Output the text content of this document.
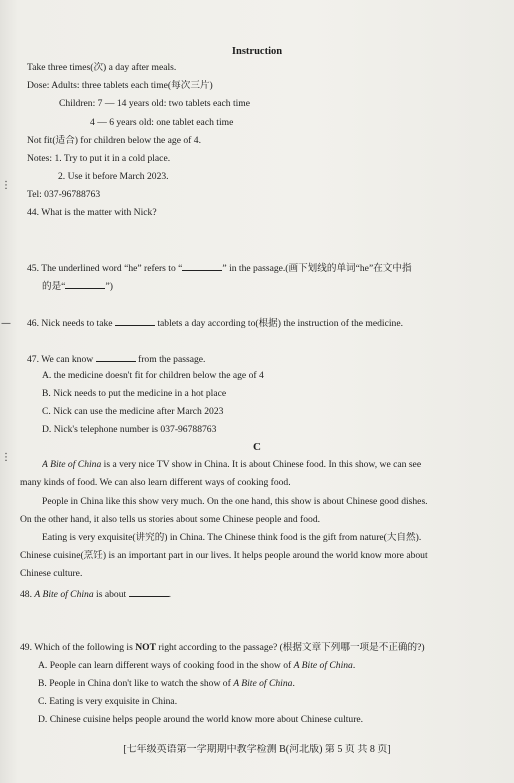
⋮
—
⋮
Instruction
Take three times(次) a day after meals.
Dose: Adults: three tablets each time(每次三片)
Children: 7 — 14 years old: two tablets each time
4 — 6 years old: one tablet each time
Not fit(适合) for children below the age of 4.
Notes: 1. Try to put it in a cold place.
2. Use it before March 2023.
Tel: 037-96788763
44. What is the matter with Nick?
45. The underlined word “he” refers to “	” in the passage.(画下划线的单词“he”在文中指
的是“	”)
46. Nick needs to take	tablets a day according to(根据) the instruction of the medicine.
47. We can know	from the passage.
A. the medicine doesn't fit for children below the age of 4
B. Nick needs to put the medicine in a hot place
C. Nick can use the medicine after March 2023
D. Nick's telephone number is 037-96788763
C
A Bite of China is a very nice TV show in China. It is about Chinese food. In this show, we can see
many kinds of food. We can also learn different ways of cooking food.
People in China like this show very much. On the one hand, this show is about Chinese good dishes.
On the other hand, it also tells us stories about some Chinese people and food.
Eating is very exquisite(讲究的) in China. The Chinese think food is the gift from nature(大自然).
Chinese cuisine(烹饪) is an important part in our lives. It helps people around the world know more about
Chinese culture.
48. A Bite of China is about	.
49. Which of the following is NOT right according to the passage? (根据文章下列哪一项是不正确的?)
A. People can learn different ways of cooking food in the show of A Bite of China.
B. People in China don't like to watch the show of A Bite of China.
C. Eating is very exquisite in China.
D. Chinese cuisine helps people around the world know more about Chinese culture.
[七年级英语第一学期期中教学检测 B(河北版) 第 5 页 共 8 页]
